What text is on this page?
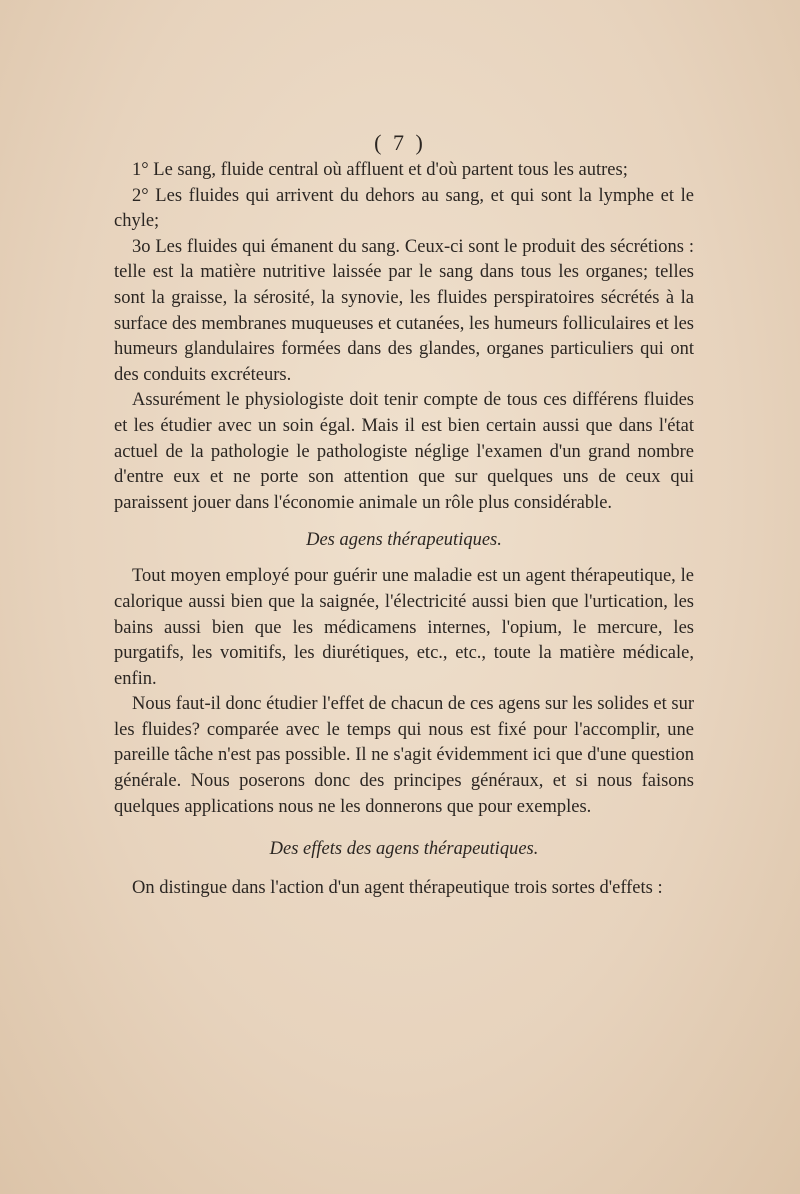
( 7 )

1° Le sang, fluide central où affluent et d'où partent tous les autres;

2° Les fluides qui arrivent du dehors au sang, et qui sont la lymphe et le chyle;

3o Les fluides qui émanent du sang. Ceux-ci sont le produit des sécrétions : telle est la matière nutritive laissée par le sang dans tous les organes; telles sont la graisse, la sérosité, la synovie, les fluides perspiratoires sécrétés à la surface des membranes muqueuses et cutanées, les humeurs folliculaires et les humeurs glandulaires formées dans des glandes, organes particuliers qui ont des conduits excréteurs.

Assurément le physiologiste doit tenir compte de tous ces différens fluides et les étudier avec un soin égal. Mais il est bien certain aussi que dans l'état actuel de la pathologie le pathologiste néglige l'examen d'un grand nombre d'entre eux et ne porte son attention que sur quelques uns de ceux qui paraissent jouer dans l'économie animale un rôle plus considérable.

Des agens thérapeutiques.

Tout moyen employé pour guérir une maladie est un agent thérapeutique, le calorique aussi bien que la saignée, l'électricité aussi bien que l'urtication, les bains aussi bien que les médicamens internes, l'opium, le mercure, les purgatifs, les vomitifs, les diurétiques, etc., etc., toute la matière médicale, enfin.

Nous faut-il donc étudier l'effet de chacun de ces agens sur les solides et sur les fluides? comparée avec le temps qui nous est fixé pour l'accomplir, une pareille tâche n'est pas possible. Il ne s'agit évidemment ici que d'une question générale. Nous poserons donc des principes généraux, et si nous faisons quelques applications nous ne les donnerons que pour exemples.

Des effets des agens thérapeutiques.

On distingue dans l'action d'un agent thérapeutique trois sortes d'effets :
